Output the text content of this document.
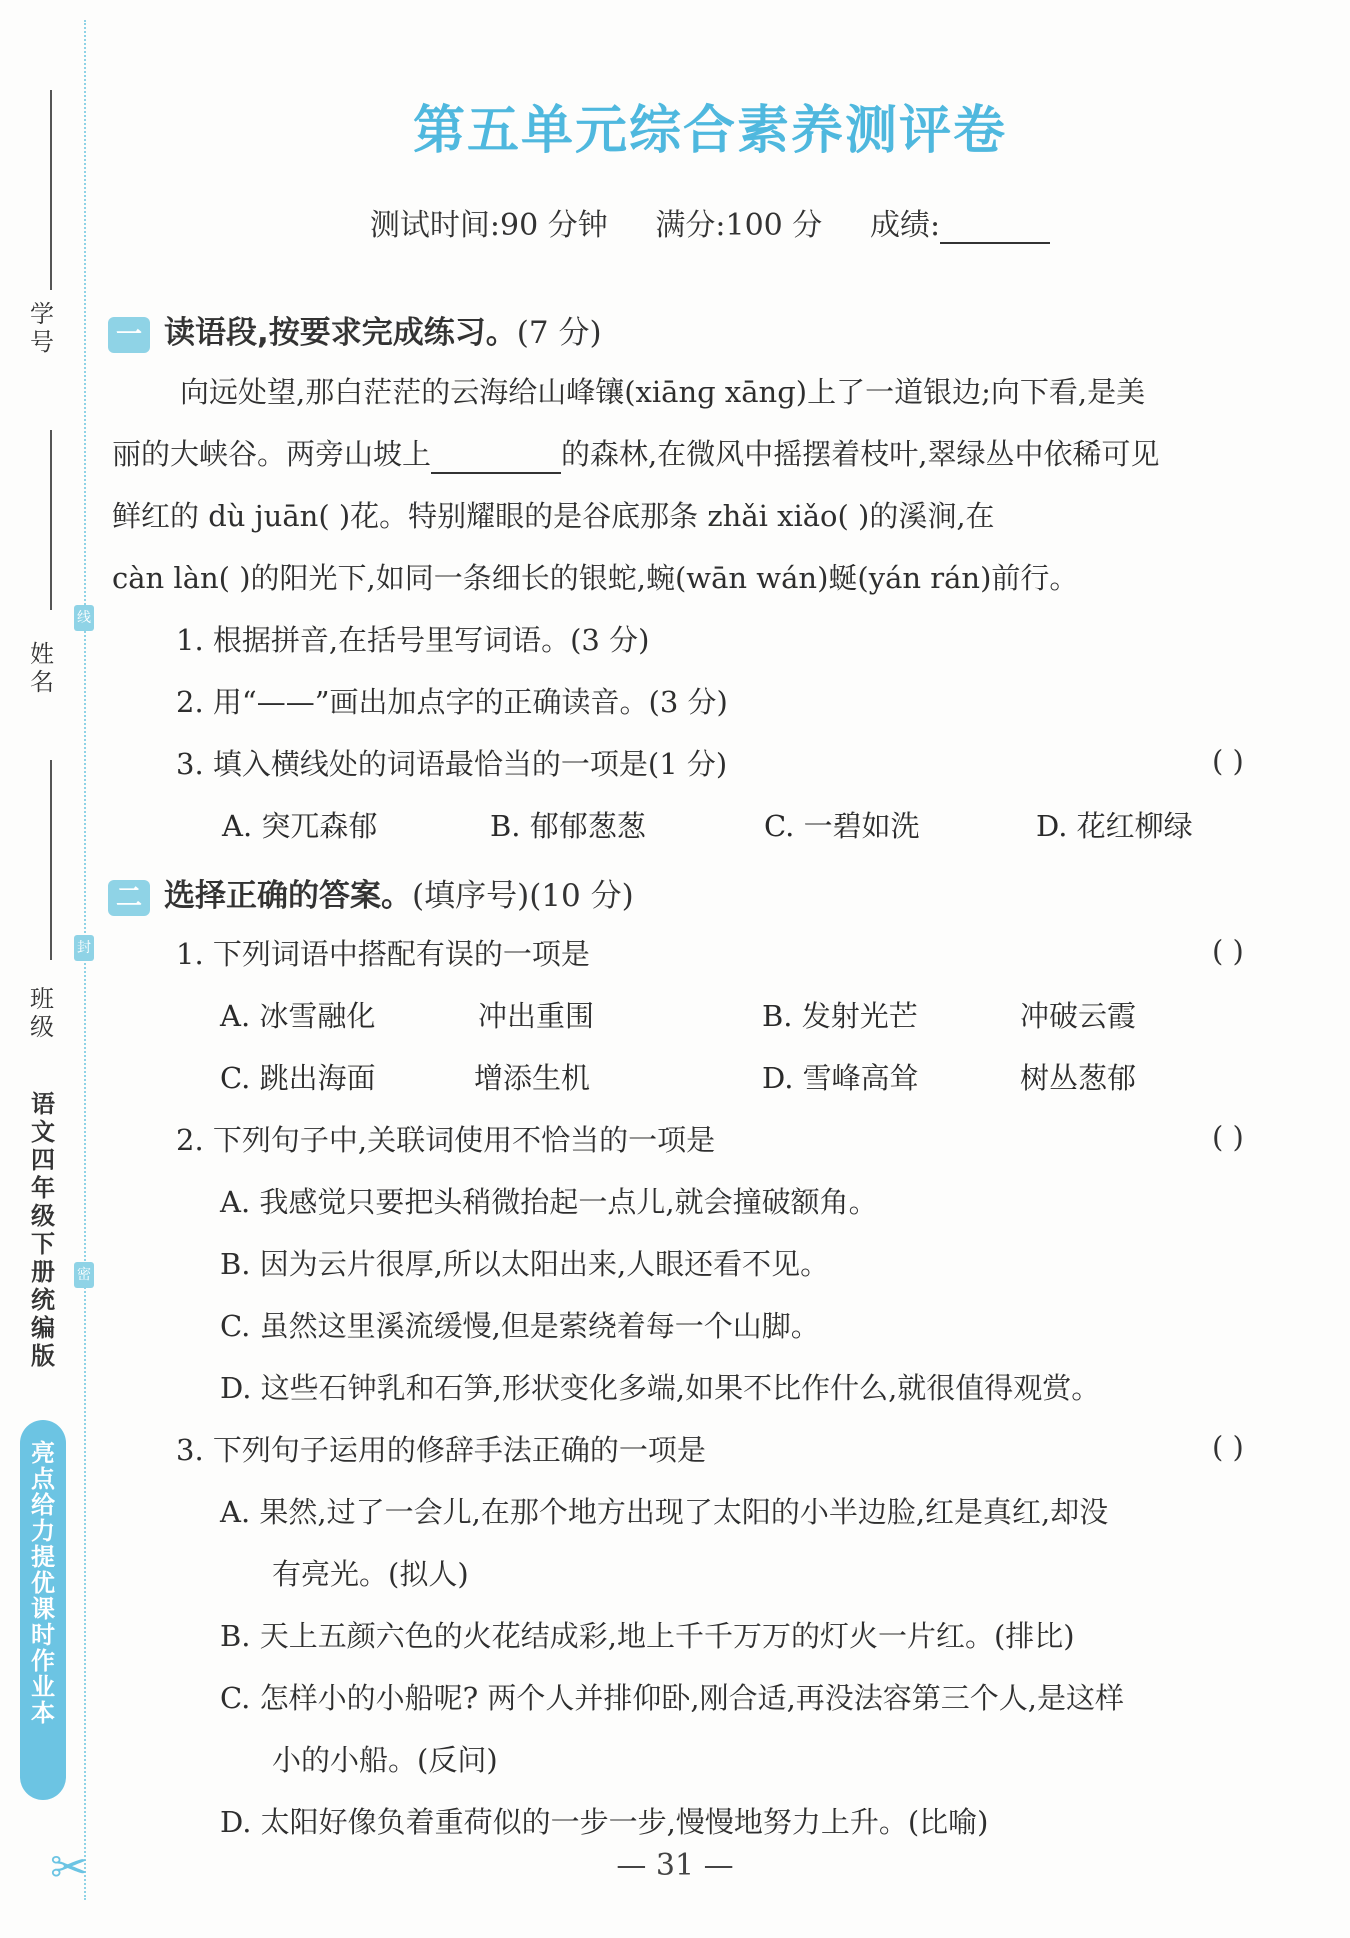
学号
线
姓名
封
班级
密
语文四年级 下册 统编版
亮点给力 提优课时作业本
✂
第五单元综合素养测评卷
测试时间:90 分钟 满分:100 分 成绩:
一 读语段,按要求完成练习。(7 分)
向远处望,那白茫茫的云海给山峰镶(xiānɡ xānɡ)上了一道银边;向下看,是美
丽的大峡谷。两旁山坡上	的森林,在微风中摇摆着枝叶,翠绿丛中依稀可见
鲜红的 dù juān( )花。特别耀眼的是谷底那条 zhǎi xiǎo( )的溪涧,在
càn làn( )的阳光下,如同一条细长的银蛇,蜿(wān wán)蜒(yán rán)前行。
1. 根据拼音,在括号里写词语。(3 分)
2. 用“——”画出加点字的正确读音。(3 分)
3. 填入横线处的词语最恰当的一项是(1 分)	( )
A. 突兀森郁	B. 郁郁葱葱	C. 一碧如洗	D. 花红柳绿
二 选择正确的答案。(填序号)(10 分)
1. 下列词语中搭配有误的一项是	( )
A. 冰雪融化	冲出重围	B. 发射光芒	冲破云霞
C. 跳出海面	增添生机	D. 雪峰高耸	树丛葱郁
2. 下列句子中,关联词使用不恰当的一项是	( )
A. 我感觉只要把头稍微抬起一点儿,就会撞破额角。
B. 因为云片很厚,所以太阳出来,人眼还看不见。
C. 虽然这里溪流缓慢,但是萦绕着每一个山脚。
D. 这些石钟乳和石笋,形状变化多端,如果不比作什么,就很值得观赏。
3. 下列句子运用的修辞手法正确的一项是	( )
A. 果然,过了一会儿,在那个地方出现了太阳的小半边脸,红是真红,却没
有亮光。(拟人)
B. 天上五颜六色的火花结成彩,地上千千万万的灯火一片红。(排比)
C. 怎样小的小船呢? 两个人并排仰卧,刚合适,再没法容第三个人,是这样
小的小船。(反问)
D. 太阳好像负着重荷似的一步一步,慢慢地努力上升。(比喻)
— 31 —
